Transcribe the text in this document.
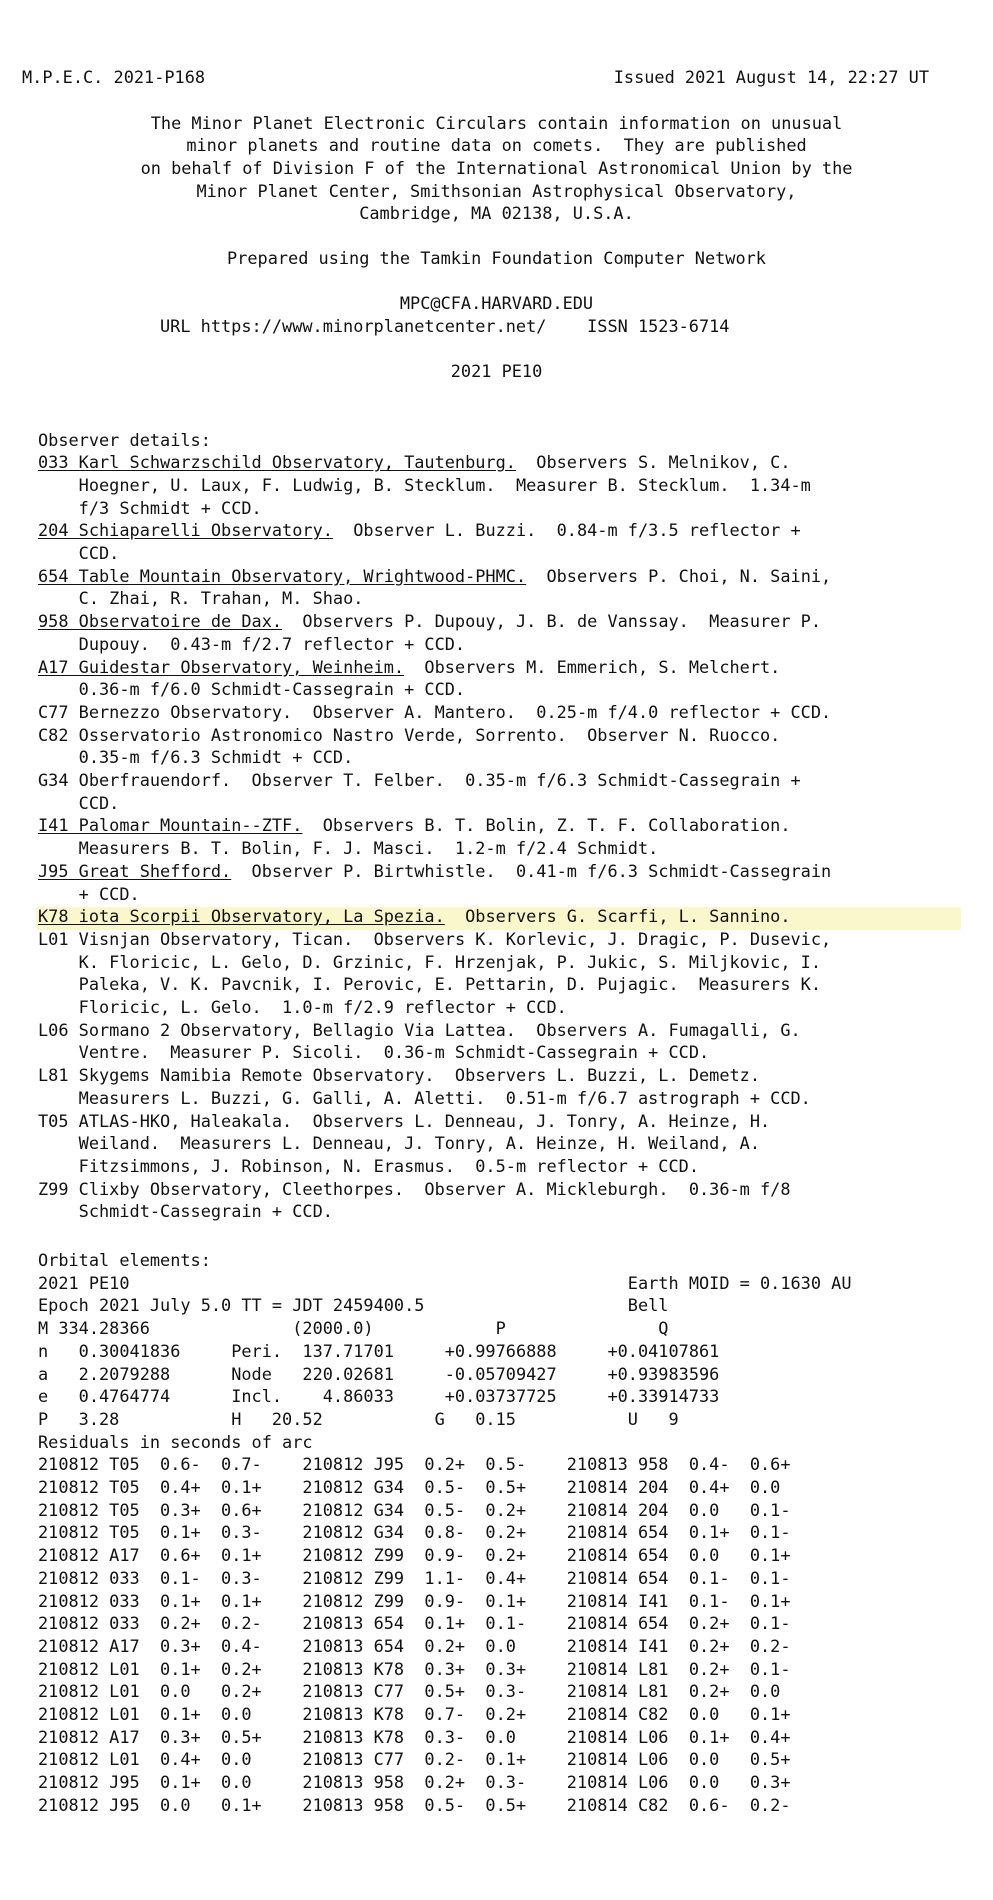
M.P.E.C. 2021-P168	Issued 2021 August 14, 22:27 UT
The Minor Planet Electronic Circulars contain information on unusual
minor planets and routine data on comets.  They are published
on behalf of Division F of the International Astronomical Union by the
Minor Planet Center, Smithsonian Astrophysical Observatory,
Cambridge, MA 02138, U.S.A.
Prepared using the Tamkin Foundation Computer Network
MPC@CFA.HARVARD.EDU
URL https://www.minorplanetcenter.net/    ISSN 1523-6714
2021 PE10
Observer details:
033 Karl Schwarzschild Observatory, Tautenburg.  Observers S. Melnikov, C.
Hoegner, U. Laux, F. Ludwig, B. Stecklum.  Measurer B. Stecklum.  1.34-m
f/3 Schmidt + CCD.
204 Schiaparelli Observatory.  Observer L. Buzzi.  0.84-m f/3.5 reflector +
CCD.
654 Table Mountain Observatory, Wrightwood-PHMC.  Observers P. Choi, N. Saini,
C. Zhai, R. Trahan, M. Shao.
958 Observatoire de Dax.  Observers P. Dupouy, J. B. de Vanssay.  Measurer P.
Dupouy.  0.43-m f/2.7 reflector + CCD.
A17 Guidestar Observatory, Weinheim.  Observers M. Emmerich, S. Melchert.
0.36-m f/6.0 Schmidt-Cassegrain + CCD.
C77 Bernezzo Observatory.  Observer A. Mantero.  0.25-m f/4.0 reflector + CCD.
C82 Osservatorio Astronomico Nastro Verde, Sorrento.  Observer N. Ruocco.
0.35-m f/6.3 Schmidt + CCD.
G34 Oberfrauendorf.  Observer T. Felber.  0.35-m f/6.3 Schmidt-Cassegrain +
CCD.
I41 Palomar Mountain--ZTF.  Observers B. T. Bolin, Z. T. F. Collaboration.
Measurers B. T. Bolin, F. J. Masci.  1.2-m f/2.4 Schmidt.
J95 Great Shefford.  Observer P. Birtwhistle.  0.41-m f/6.3 Schmidt-Cassegrain
+ CCD.
K78 iota Scorpii Observatory, La Spezia.  Observers G. Scarfi, L. Sannino.
L01 Visnjan Observatory, Tican.  Observers K. Korlevic, J. Dragic, P. Dusevic,
K. Floricic, L. Gelo, D. Grzinic, F. Hrzenjak, P. Jukic, S. Miljkovic, I.
Paleka, V. K. Pavcnik, I. Perovic, E. Pettarin, D. Pujagic.  Measurers K.
Floricic, L. Gelo.  1.0-m f/2.9 reflector + CCD.
L06 Sormano 2 Observatory, Bellagio Via Lattea.  Observers A. Fumagalli, G.
Ventre.  Measurer P. Sicoli.  0.36-m Schmidt-Cassegrain + CCD.
L81 Skygems Namibia Remote Observatory.  Observers L. Buzzi, L. Demetz.
Measurers L. Buzzi, G. Galli, A. Aletti.  0.51-m f/6.7 astrograph + CCD.
T05 ATLAS-HKO, Haleakala.  Observers L. Denneau, J. Tonry, A. Heinze, H.
Weiland.  Measurers L. Denneau, J. Tonry, A. Heinze, H. Weiland, A.
Fitzsimmons, J. Robinson, N. Erasmus.  0.5-m reflector + CCD.
Z99 Clixby Observatory, Cleethorpes.  Observer A. Mickleburgh.  0.36-m f/8
Schmidt-Cassegrain + CCD.
Orbital elements:
2021 PE10                                                 Earth MOID = 0.1630 AU
Epoch 2021 July 5.0 TT = JDT 2459400.5                    Bell
M 334.28366              (2000.0)            P               Q
n   0.30041836     Peri.  137.71701     +0.99766888     +0.04107861
a   2.2079288      Node   220.02681     -0.05709427     +0.93983596
e   0.4764774      Incl.    4.86033     +0.03737725     +0.33914733
P   3.28           H   20.52           G   0.15           U   9
Residuals in seconds of arc
210812 T05  0.6-  0.7-    210812 J95  0.2+  0.5-    210813 958  0.4-  0.6+
210812 T05  0.4+  0.1+    210812 G34  0.5-  0.5+    210814 204  0.4+  0.0
210812 T05  0.3+  0.6+    210812 G34  0.5-  0.2+    210814 204  0.0   0.1-
210812 T05  0.1+  0.3-    210812 G34  0.8-  0.2+    210814 654  0.1+  0.1-
210812 A17  0.6+  0.1+    210812 Z99  0.9-  0.2+    210814 654  0.0   0.1+
210812 033  0.1-  0.3-    210812 Z99  1.1-  0.4+    210814 654  0.1-  0.1-
210812 033  0.1+  0.1+    210812 Z99  0.9-  0.1+    210814 I41  0.1-  0.1+
210812 033  0.2+  0.2-    210813 654  0.1+  0.1-    210814 654  0.2+  0.1-
210812 A17  0.3+  0.4-    210813 654  0.2+  0.0     210814 I41  0.2+  0.2-
210812 L01  0.1+  0.2+    210813 K78  0.3+  0.3+    210814 L81  0.2+  0.1-
210812 L01  0.0   0.2+    210813 C77  0.5+  0.3-    210814 L81  0.2+  0.0
210812 L01  0.1+  0.0     210813 K78  0.7-  0.2+    210814 C82  0.0   0.1+
210812 A17  0.3+  0.5+    210813 K78  0.3-  0.0     210814 L06  0.1+  0.4+
210812 L01  0.4+  0.0     210813 C77  0.2-  0.1+    210814 L06  0.0   0.5+
210812 J95  0.1+  0.0     210813 958  0.2+  0.3-    210814 L06  0.0   0.3+
210812 J95  0.0   0.1+    210813 958  0.5-  0.5+    210814 C82  0.6-  0.2-
